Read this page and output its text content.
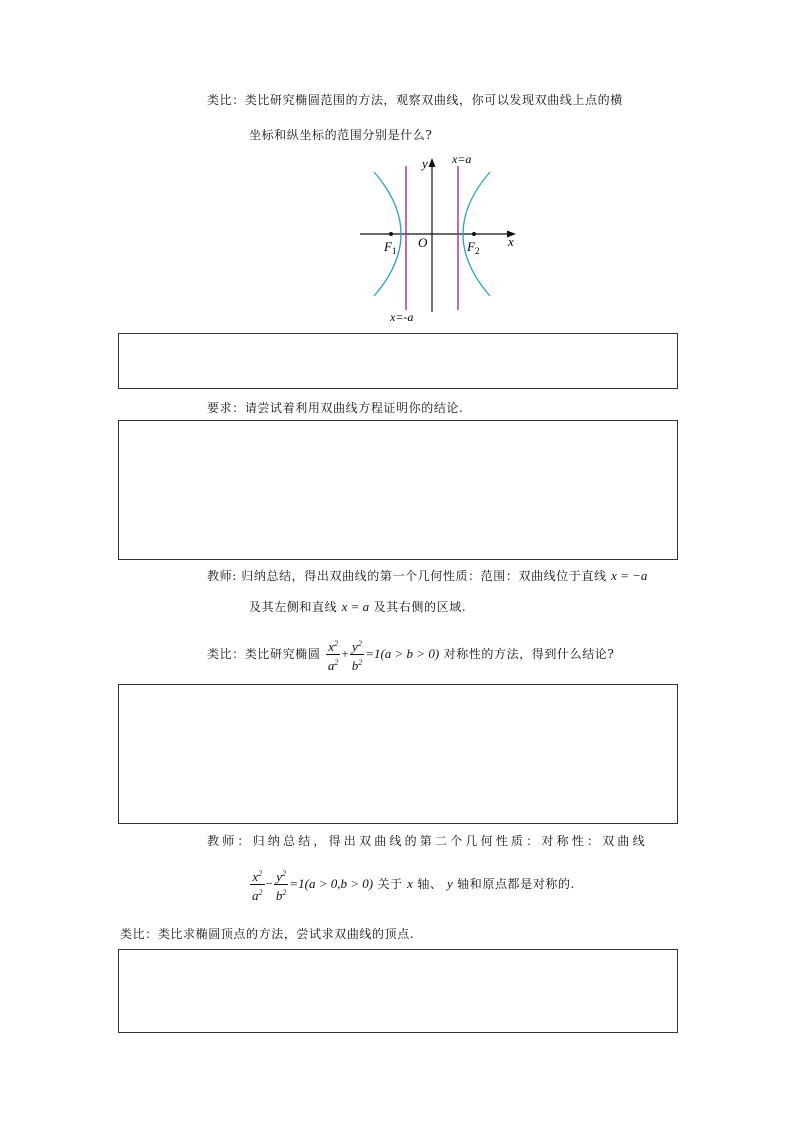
类比：类比研究椭圆范围的方法，观察双曲线，你可以发现双曲线上点的横
坐标和纵坐标的范围分别是什么?
y x=a
x
O
$F_1$	$F_2$
x=-a
要求：请尝试着利用双曲线方程证明你的结论.
教师: 归纳总结，得出双曲线的第一个几何性质：范围：双曲线位于直线 x = −a
及其左侧和直线 x = a 及其右侧的区域.
类比：类比研究椭圆 $\frac{x^2}{a^2} + \frac{y^2}{b^2} =1(a > b > 0)$ 对称性的方法，得到什么结论?
教师：归纳总结，得出双曲线的第二个几何性质：对称性：双曲线
$\frac{x^2}{a^2} - \frac{y^2}{b^2} =1(a > 0,b > 0)$ 关于 x 轴、 y 轴和原点都是对称的.
类比：类比求椭圆顶点的方法，尝试求双曲线的顶点.
